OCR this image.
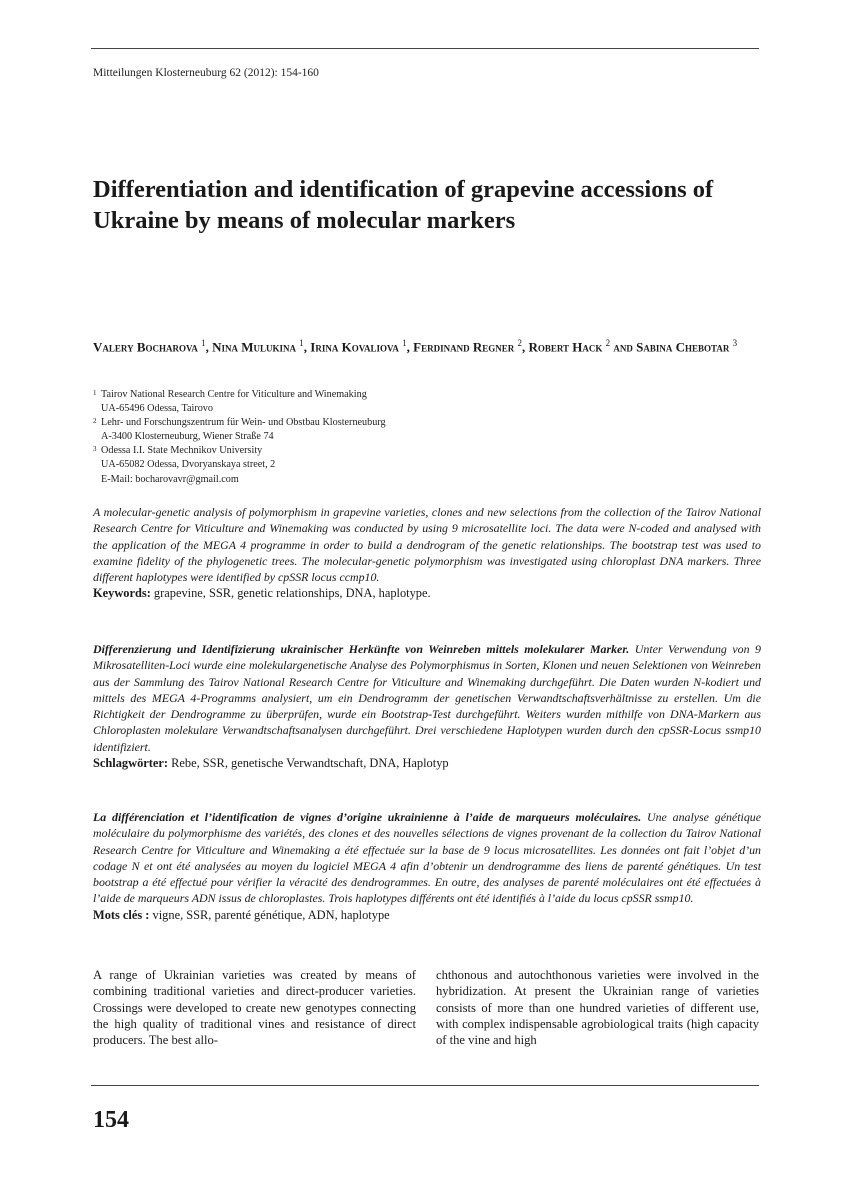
Mitteilungen Klosterneuburg 62 (2012): 154-160
Differentiation and identification of grapevine accessions of Ukraine by means of molecular markers
Valery Bocharova $^1$, Nina Mulukina $^1$, Irina Kovaliova $^1$, Ferdinand Regner $^2$, Robert Hack $^2$ and Sabina Chebotar $^3$
1 Tairov National Research Centre for Viticulture and Winemaking
UA-65496 Odessa, Tairovo
2 Lehr- und Forschungszentrum für Wein- und Obstbau Klosterneuburg
A-3400 Klosterneuburg, Wiener Straße 74
3 Odessa I.I. State Mechnikov University
UA-65082 Odessa, Dvoryanskaya street, 2
E-Mail: bocharovavr@gmail.com
A molecular-genetic analysis of polymorphism in grapevine varieties, clones and new selections from the collection of the Tairov National Research Centre for Viticulture and Winemaking was conducted by using 9 microsatellite loci. The data were N-coded and analysed with the application of the MEGA 4 programme in order to build a dendrogram of the genetic relationships. The bootstrap test was used to examine fidelity of the phylogenetic trees. The molecular-genetic polymorphism was investigated using chloroplast DNA markers. Three different haplotypes were identified by cpSSR locus ccmp10.
Keywords: grapevine, SSR, genetic relationships, DNA, haplotype.
Differenzierung und Identifizierung ukrainischer Herkünfte von Weinreben mittels molekularer Marker. Unter Verwendung von 9 Mikrosatelliten-Loci wurde eine molekulargenetische Analyse des Polymorphismus in Sorten, Klonen und neuen Selektionen von Weinreben aus der Sammlung des Tairov National Research Centre for Viticulture and Winemaking durchgeführt. Die Daten wurden N-kodiert und mittels des MEGA 4-Programms analysiert, um ein Dendrogramm der genetischen Verwandtschaftsverhältnisse zu erstellen. Um die Richtigkeit der Dendrogramme zu überprüfen, wurde ein Bootstrap-Test durchgeführt. Weiters wurden mithilfe von DNA-Markern aus Chloroplasten molekulare Verwandtschaftsanalysen durchgeführt. Drei verschiedene Haplotypen wurden durch den cpSSR-Locus ssmp10 identifiziert.
Schlagwörter: Rebe, SSR, genetische Verwandtschaft, DNA, Haplotyp
La différenciation et l’identification de vignes d’origine ukrainienne à l’aide de marqueurs moléculaires. Une analyse génétique moléculaire du polymorphisme des variétés, des clones et des nouvelles sélections de vignes provenant de la collection du Tairov National Research Centre for Viticulture and Winemaking a été effectuée sur la base de 9 locus microsatellites. Les données ont fait l’objet d’un codage N et ont été analysées au moyen du logiciel MEGA 4 afin d’obtenir un dendrogramme des liens de parenté génétiques. Un test bootstrap a été effectué pour vérifier la véracité des dendrogrammes. En outre, des analyses de parenté moléculaires ont été effectuées à l’aide de marqueurs ADN issus de chloroplastes. Trois haplotypes différents ont été identifiés à l’aide du locus cpSSR ssmp10.
Mots clés : vigne, SSR, parenté génétique, ADN, haplotype
A range of Ukrainian varieties was created by means of combining traditional varieties and direct-producer varieties. Crossings were developed to create new genotypes connecting the high quality of traditional vines and resistance of direct producers. The best allo-
chthonous and autochthonous varieties were involved in the hybridization. At present the Ukrainian range of varieties consists of more than one hundred varieties of different use, with complex indispensable agrobiological traits (high capacity of the vine and high
154
